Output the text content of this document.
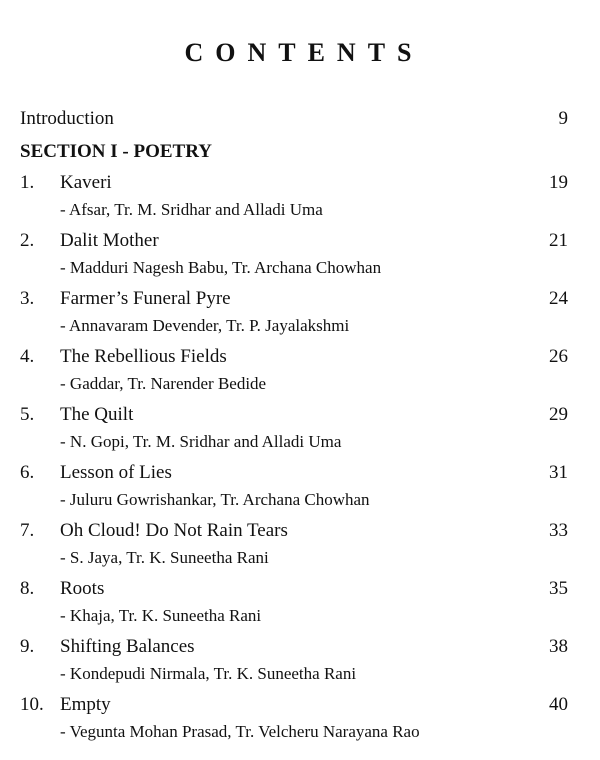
CONTENTS
Introduction	9
SECTION I - POETRY
1. Kaveri	19
- Afsar, Tr. M. Sridhar and Alladi Uma
2. Dalit Mother	21
- Madduri Nagesh Babu, Tr. Archana Chowhan
3. Farmer’s Funeral Pyre	24
- Annavaram Devender, Tr. P. Jayalakshmi
4. The Rebellious Fields	26
- Gaddar, Tr. Narender Bedide
5. The Quilt	29
- N. Gopi, Tr. M. Sridhar and Alladi Uma
6. Lesson of Lies	31
- Juluru Gowrishankar, Tr. Archana Chowhan
7. Oh Cloud! Do Not Rain Tears	33
- S. Jaya, Tr. K. Suneetha Rani
8. Roots	35
- Khaja, Tr. K. Suneetha Rani
9. Shifting Balances	38
- Kondepudi Nirmala, Tr. K. Suneetha Rani
10. Empty	40
- Vegunta Mohan Prasad, Tr. Velcheru Narayana Rao
